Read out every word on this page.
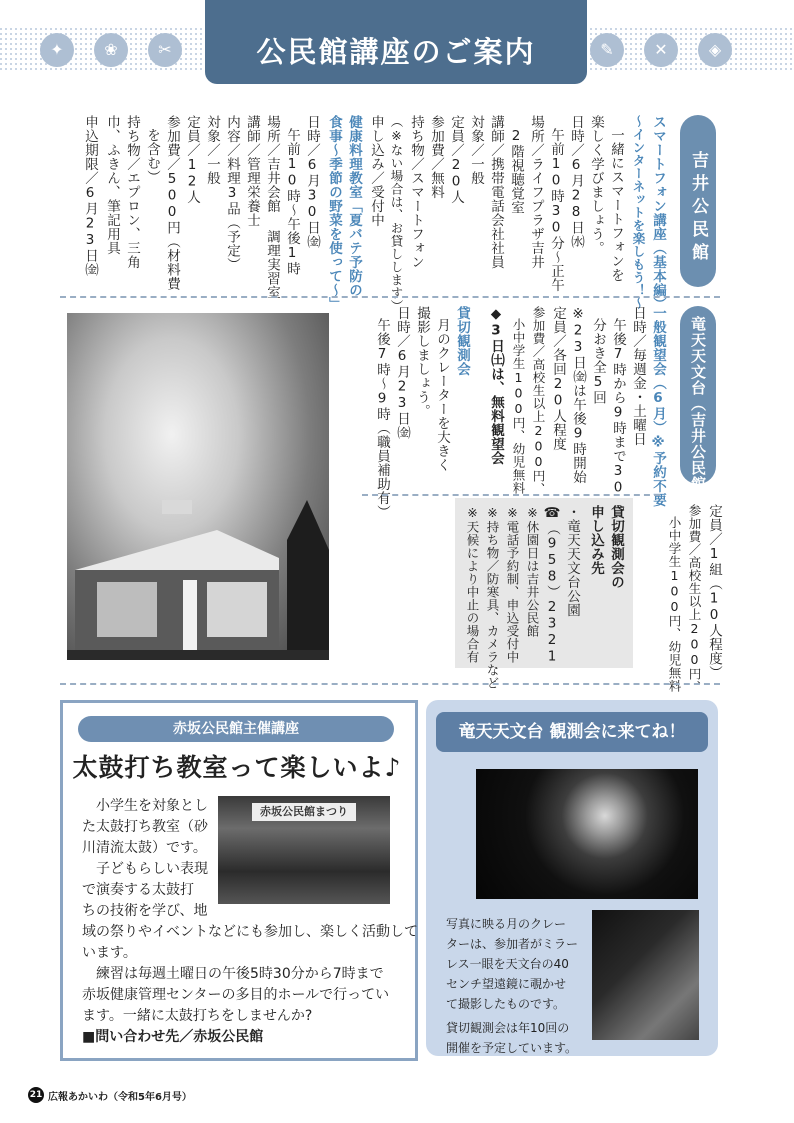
公民館講座のご案内
✦	❀	✂	✎	✕	◈
吉井公民館
スマートフォン講座（基本編）
～インターネットを楽しもう！～
一緒にスマートフォンを
楽しく学びましょう。
日時／6月28日㈬
午前10時30分～正午
場所／ライフプラザ吉井
2階視聴覚室
講師／携帯電話会社社員
対象／一般
定員／20人
参加費／無料
持ち物／スマートフォン
（※ない場合は、お貸しします）
申し込み／受付中
健康料理教室「夏バテ予防の
食事～季節の野菜を使って～」
日時／6月30日㈮
午前10時～午後1時
場所／吉井会館 調理実習室
講師／管理栄養士
内容／料理3品（予定）
対象／一般
定員／12人
参加費／500円（材料費
を含む）
持ち物／エプロン、三角
巾、ふきん、筆記用具
申込期限／6月23日㈮
竜天天文台（吉井公民館）
一般観望会（6月）※予約不要
日時／毎週金・土曜日
午後7時から9時まで30
分おき全5回
※23日㈮は午後9時開始
定員／各回20人程度
参加費／高校生以上200円、
小中学生100円、幼児無料
◆3日㈯は、無料観望会
貸切観測会
月のクレーターを大きく
撮影しましょう。
日時／6月23日㈮
午後7時～9時（職員補助有）
定員／1組（10人程度）
参加費／高校生以上200円、
小中学生100円、幼児無料
貸切観測会の
申し込み先
・竜天天文台公園
☎（958）2321
※休園日は吉井公民館
※電話予約制、申込受付中
※持ち物／防寒具、カメラなど
※天候により中止の場合有
赤坂公民館主催講座
太鼓打ち教室って楽しいよ♪
赤坂公民館まつり
小学生を対象とし
た太鼓打ち教室（砂
川清流太鼓）です。
子どもらしい表現
で演奏する太鼓打
ちの技術を学び、地
域の祭りやイベントなどにも参加し、楽しく活動して
います。
練習は毎週土曜日の午後5時30分から7時まで
赤坂健康管理センターの多目的ホールで行ってい
ます。一緒に太鼓打ちをしませんか?
■問い合わせ先／赤坂公民館
竜天天文台 観測会に来てね！
写真に映る月のクレー
ターは、参加者がミラー
レス一眼を天文台の40
センチ望遠鏡に覗かせ
て撮影したものです。
貸切観測会は年10回の
開催を予定しています。
21 広報あかいわ（令和5年6月号）
